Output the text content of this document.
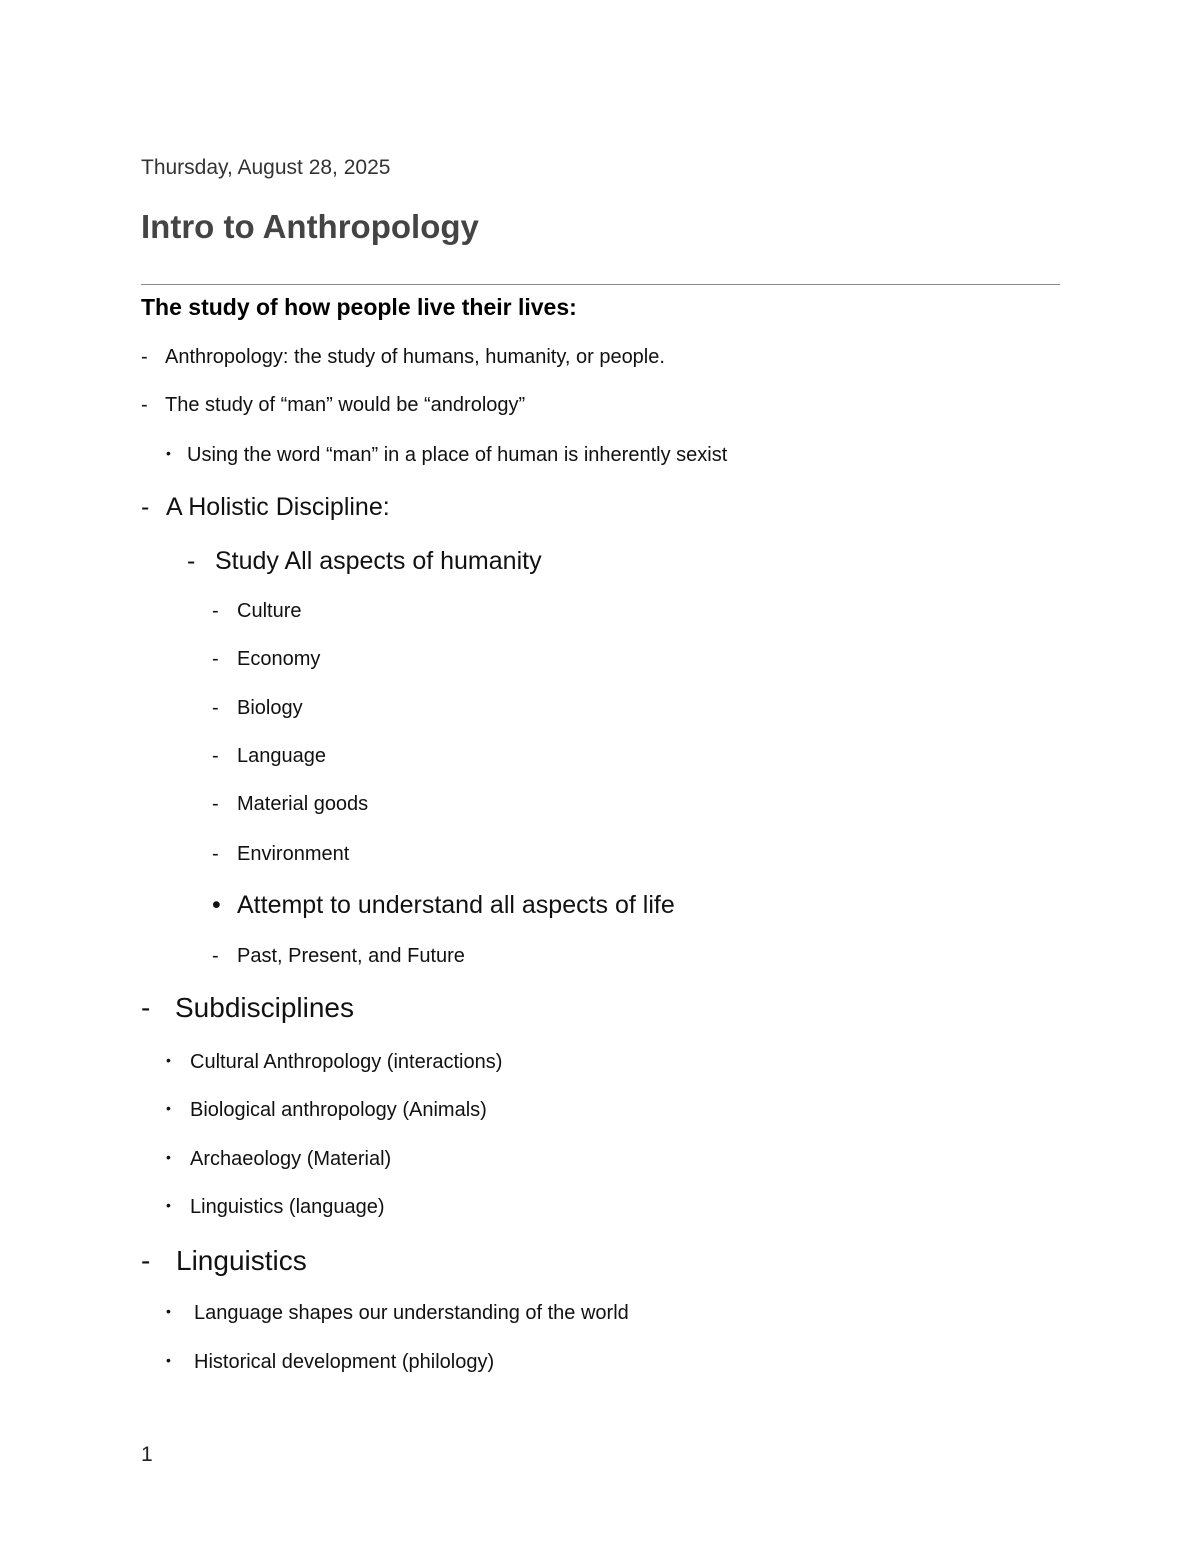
Thursday, August 28, 2025
Intro to Anthropology
The study of how people live their lives:
- Anthropology: the study of humans, humanity, or people.
- The study of “man” would be “andrology”
• Using the word “man” in a place of human is inherently sexist
- A Holistic Discipline:
- Study All aspects of humanity
- Culture
- Economy
- Biology
- Language
- Material goods
- Environment
• Attempt to understand all aspects of life
- Past, Present, and Future
- Subdisciplines
• Cultural Anthropology (interactions)
• Biological anthropology (Animals)
• Archaeology (Material)
• Linguistics (language)
- Linguistics
•	Language shapes our understanding of the world
•	Historical development (philology)
1
